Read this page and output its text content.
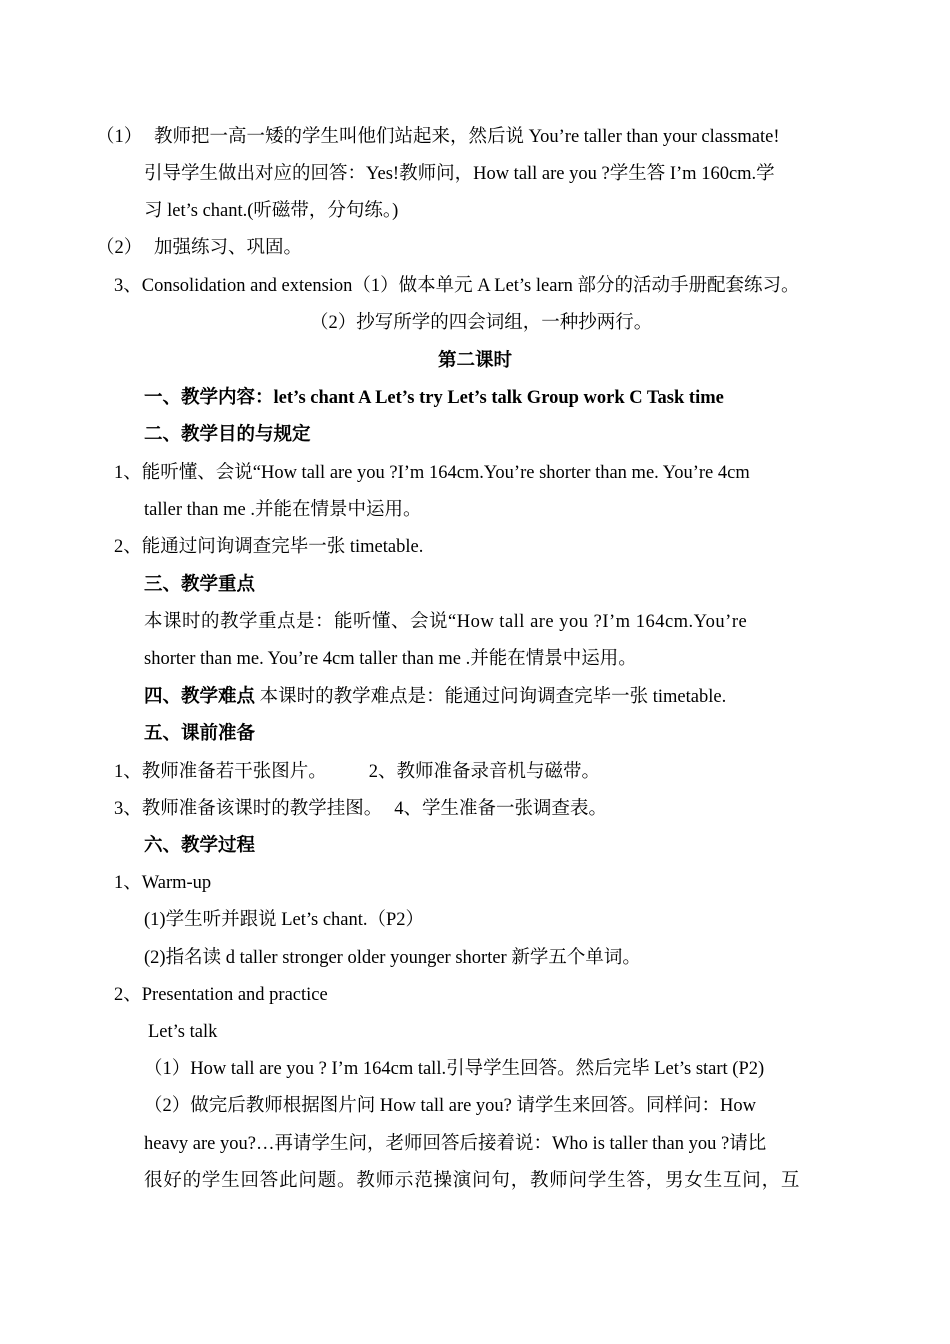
（1） 教师把一高一矮的学生叫他们站起来，然后说 You’re taller than your classmate!
引导学生做出对应的回答：Yes!教师问，How tall are you ?学生答 I’m 160cm.学
习 let’s chant.(听磁带，分句练。)
（2） 加强练习、巩固。
3、Consolidation and extension（1）做本单元 A Let’s learn 部分的活动手册配套练习。
（2）抄写所学的四会词组，一种抄两行。
第二课时
一、教学内容：let’s chant A Let’s try Let’s talk Group work C Task time
二、教学目的与规定
1、能听懂、会说“How tall are you ?I’m 164cm.You’re shorter than me. You’re 4cm
taller than me .并能在情景中运用。
2、能通过问询调查完毕一张 timetable.
三、教学重点
本课时的教学重点是：能听懂、会说“How tall are you ?I’m 164cm.You’re
shorter than me. You’re 4cm taller than me .并能在情景中运用。
四、教学难点 本课时的教学难点是：能通过问询调查完毕一张 timetable.
五、课前准备
1、教师准备若干张图片。 2、教师准备录音机与磁带。
3、教师准备该课时的教学挂图。 4、学生准备一张调查表。
六、教学过程
1、Warm-up
(1)学生听并跟说 Let’s chant.（P2）
(2)指名读 d taller stronger older younger shorter 新学五个单词。
2、Presentation and practice
Let’s talk
（1）How tall are you ? I’m 164cm tall.引导学生回答。然后完毕 Let’s start (P2)
（2）做完后教师根据图片问 How tall are you? 请学生来回答。同样问：How
heavy are you?…再请学生问，老师回答后接着说：Who is taller than you ?请比
很好的学生回答此问题。教师示范操演问句，教师问学生答，男女生互问，互
